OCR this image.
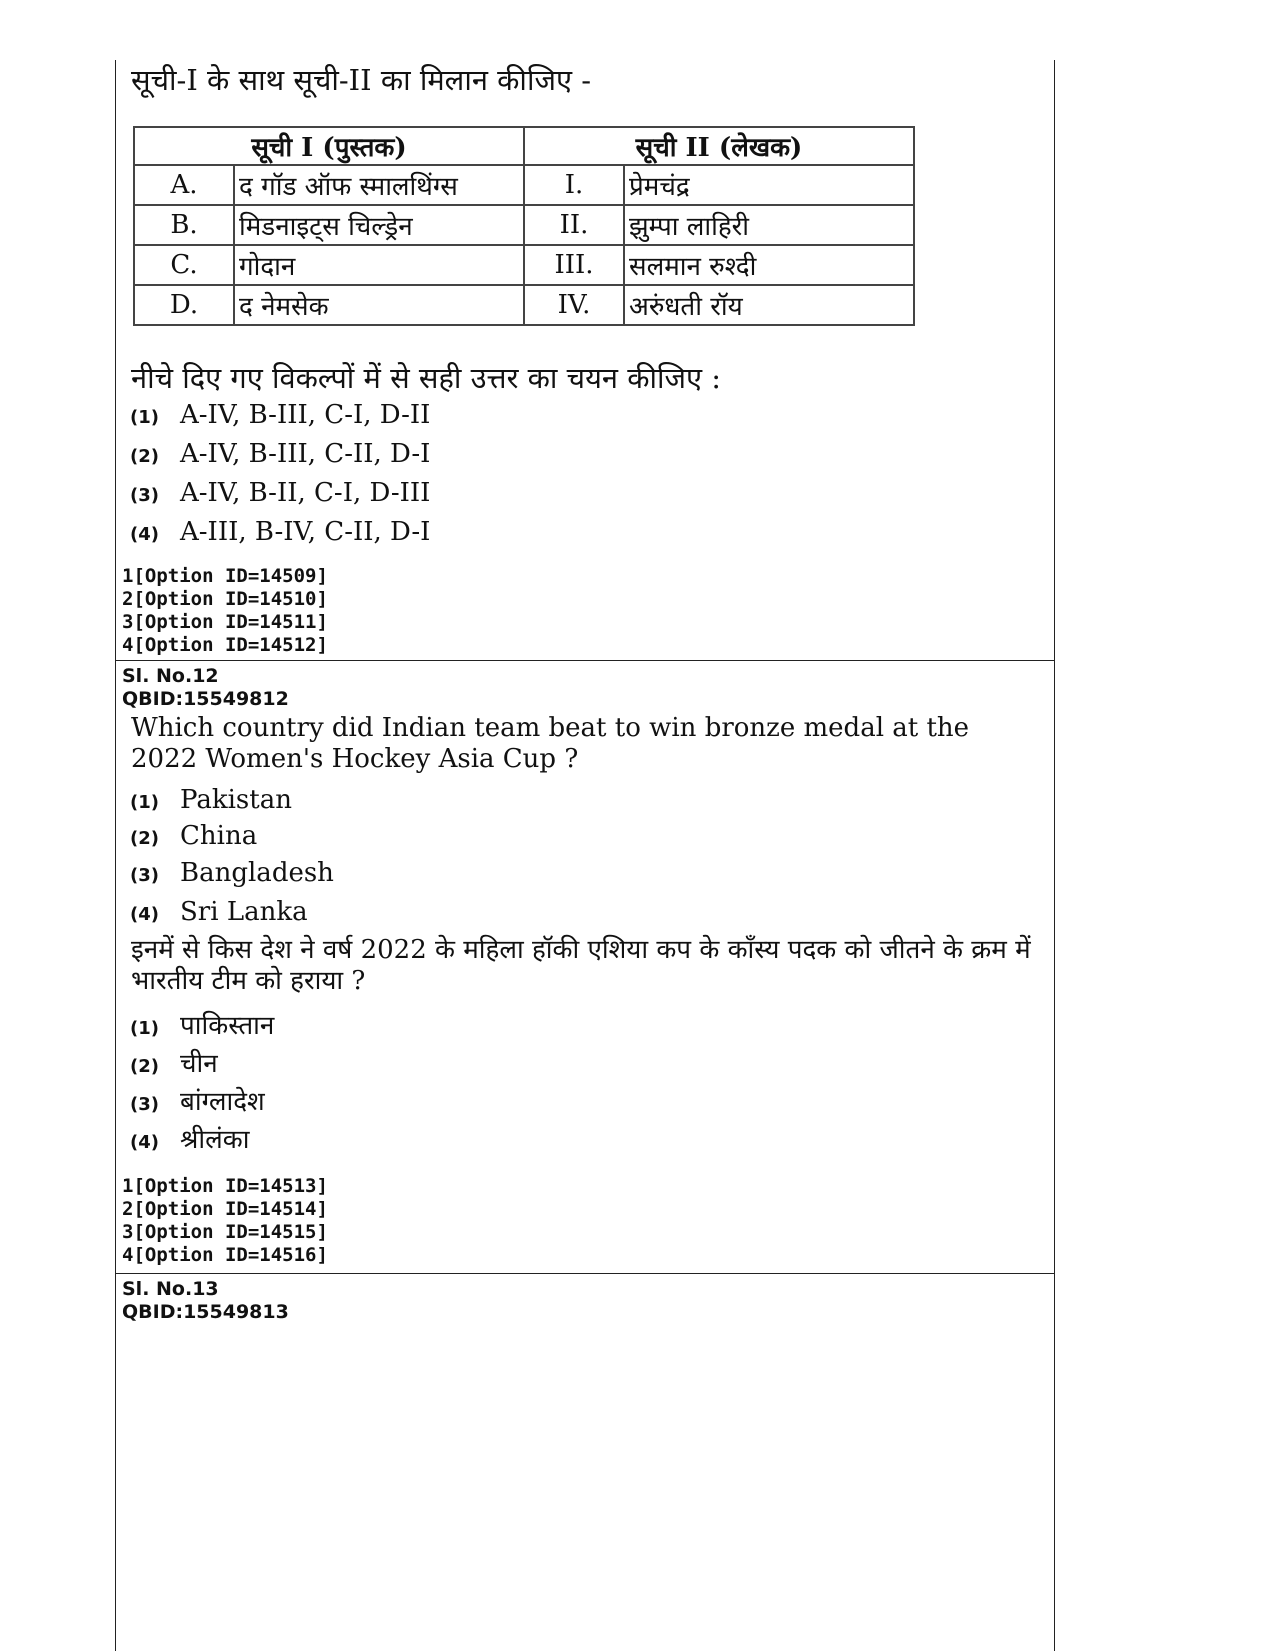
सूची-I के साथ सूची-II का मिलान कीजिए -
सूची I (पुस्तक)		सूची II (लेखक)	
A.	द गॉड ऑफ स्मालथिंग्स	I.	प्रेमचंद्र
B.	मिडनाइट्स चिल्ड्रेन	II.	झुम्पा लाहिरी
C.	गोदान	III.	सलमान रुश्दी
D.	द नेमसेक	IV.	अरुंधती रॉय
नीचे दिए गए विकल्पों में से सही उत्तर का चयन कीजिए :
(1) A-IV, B-III, C-I, D-II
(2) A-IV, B-III, C-II, D-I
(3) A-IV, B-II, C-I, D-III
(4) A-III, B-IV, C-II, D-I
1[Option ID=14509]
2[Option ID=14510]
3[Option ID=14511]
4[Option ID=14512]
Sl. No.12
QBID:15549812
Which country did Indian team beat to win bronze medal at the 2022 Women's Hockey Asia Cup ?
(1) Pakistan
(2) China
(3) Bangladesh
(4) Sri Lanka
इनमें से किस देश ने वर्ष 2022 के महिला हॉकी एशिया कप के काँस्य पदक को जीतने के क्रम में भारतीय टीम को हराया ?
(1) पाकिस्तान
(2) चीन
(3) बांग्लादेश
(4) श्रीलंका
1[Option ID=14513]
2[Option ID=14514]
3[Option ID=14515]
4[Option ID=14516]
Sl. No.13
QBID:15549813
